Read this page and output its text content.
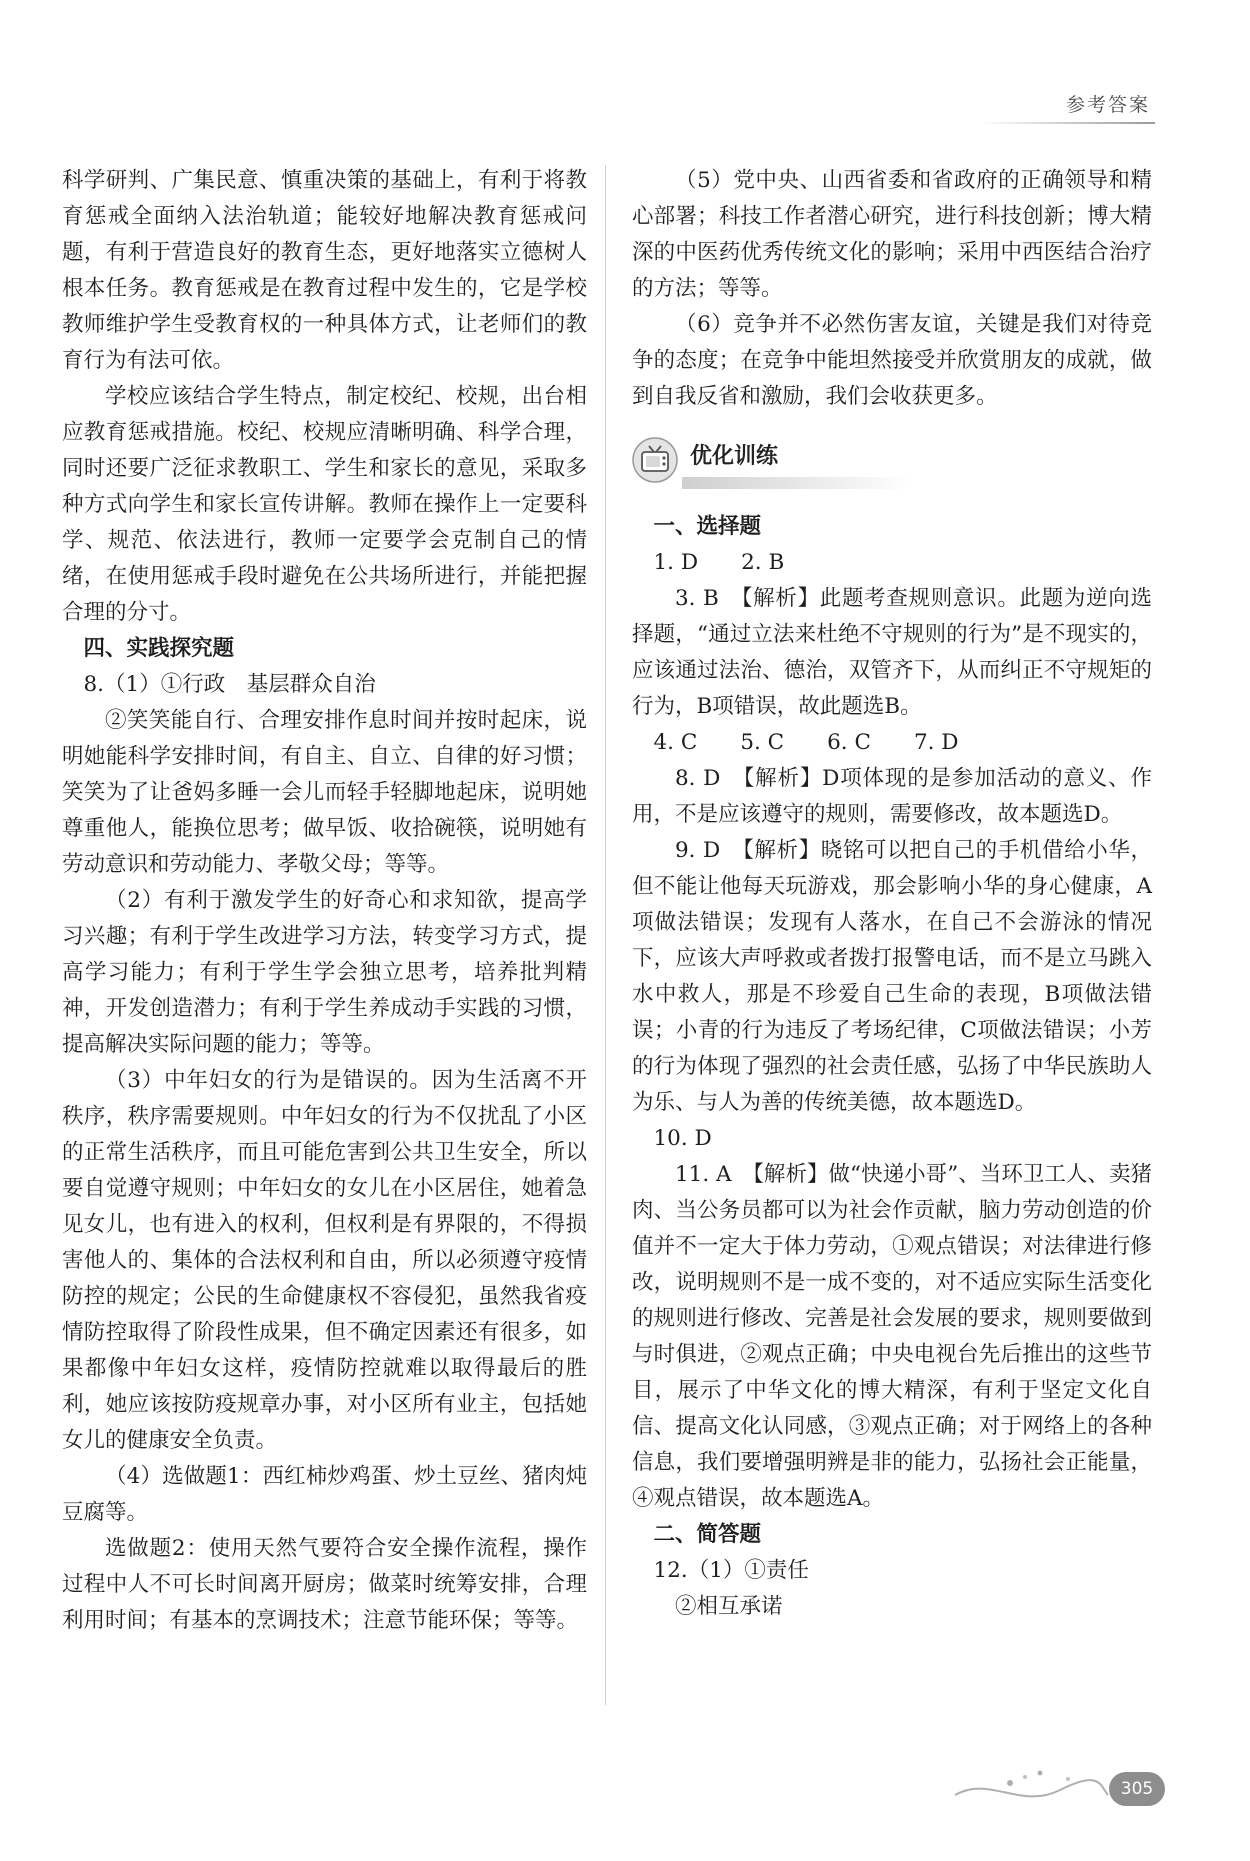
参考答案

科学研判、广集民意、慎重决策的基础上，有利于将教育惩戒全面纳入法治轨道；能较好地解决教育惩戒问题，有利于营造良好的教育生态，更好地落实立德树人根本任务。教育惩戒是在教育过程中发生的，它是学校教师维护学生受教育权的一种具体方式，让老师们的教育行为有法可依。

学校应该结合学生特点，制定校纪、校规，出台相应教育惩戒措施。校纪、校规应清晰明确、科学合理，同时还要广泛征求教职工、学生和家长的意见，采取多种方式向学生和家长宣传讲解。教师在操作上一定要科学、规范、依法进行，教师一定要学会克制自己的情绪，在使用惩戒手段时避免在公共场所进行，并能把握合理的分寸。

四、实践探究题

8.（1）①行政　基层群众自治

②笑笑能自行、合理安排作息时间并按时起床，说明她能科学安排时间，有自主、自立、自律的好习惯；笑笑为了让爸妈多睡一会儿而轻手轻脚地起床，说明她尊重他人，能换位思考；做早饭、收拾碗筷，说明她有劳动意识和劳动能力、孝敬父母；等等。

（2）有利于激发学生的好奇心和求知欲，提高学习兴趣；有利于学生改进学习方法，转变学习方式，提高学习能力；有利于学生学会独立思考，培养批判精神，开发创造潜力；有利于学生养成动手实践的习惯，提高解决实际问题的能力；等等。

（3）中年妇女的行为是错误的。因为生活离不开秩序，秩序需要规则。中年妇女的行为不仅扰乱了小区的正常生活秩序，而且可能危害到公共卫生安全，所以要自觉遵守规则；中年妇女的女儿在小区居住，她着急见女儿，也有进入的权利，但权利是有界限的，不得损害他人的、集体的合法权利和自由，所以必须遵守疫情防控的规定；公民的生命健康权不容侵犯，虽然我省疫情防控取得了阶段性成果，但不确定因素还有很多，如果都像中年妇女这样，疫情防控就难以取得最后的胜利，她应该按防疫规章办事，对小区所有业主，包括她女儿的健康安全负责。

（4）选做题1：西红柿炒鸡蛋、炒土豆丝、猪肉炖豆腐等。

选做题2：使用天然气要符合安全操作流程，操作过程中人不可长时间离开厨房；做菜时统筹安排，合理利用时间；有基本的烹调技术；注意节能环保；等等。

（5）党中央、山西省委和省政府的正确领导和精心部署；科技工作者潜心研究，进行科技创新；博大精深的中医药优秀传统文化的影响；采用中西医结合治疗的方法；等等。

（6）竞争并不必然伤害友谊，关键是我们对待竞争的态度；在竞争中能坦然接受并欣赏朋友的成就，做到自我反省和激励，我们会收获更多。

优化训练

一、选择题

1. D 2. B

3. B　【解析】此题考查规则意识。此题为逆向选择题，“通过立法来杜绝不守规则的行为”是不现实的，应该通过法治、德治，双管齐下，从而纠正不守规矩的行为，B项错误，故此题选B。

4. C 5. C 6. C 7. D

8. D　【解析】D项体现的是参加活动的意义、作用，不是应该遵守的规则，需要修改，故本题选D。

9. D　【解析】晓铭可以把自己的手机借给小华，但不能让他每天玩游戏，那会影响小华的身心健康，A项做法错误；发现有人落水，在自己不会游泳的情况下，应该大声呼救或者拨打报警电话，而不是立马跳入水中救人，那是不珍爱自己生命的表现，B项做法错误；小青的行为违反了考场纪律，C项做法错误；小芳的行为体现了强烈的社会责任感，弘扬了中华民族助人为乐、与人为善的传统美德，故本题选D。

10. D

11. A　【解析】做“快递小哥”、当环卫工人、卖猪肉、当公务员都可以为社会作贡献，脑力劳动创造的价值并不一定大于体力劳动，①观点错误；对法律进行修改，说明规则不是一成不变的，对不适应实际生活变化的规则进行修改、完善是社会发展的要求，规则要做到与时俱进，②观点正确；中央电视台先后推出的这些节目，展示了中华文化的博大精深，有利于坚定文化自信、提高文化认同感，③观点正确；对于网络上的各种信息，我们要增强明辨是非的能力，弘扬社会正能量，④观点错误，故本题选A。

二、简答题

12.（1）①责任

②相互承诺

305
